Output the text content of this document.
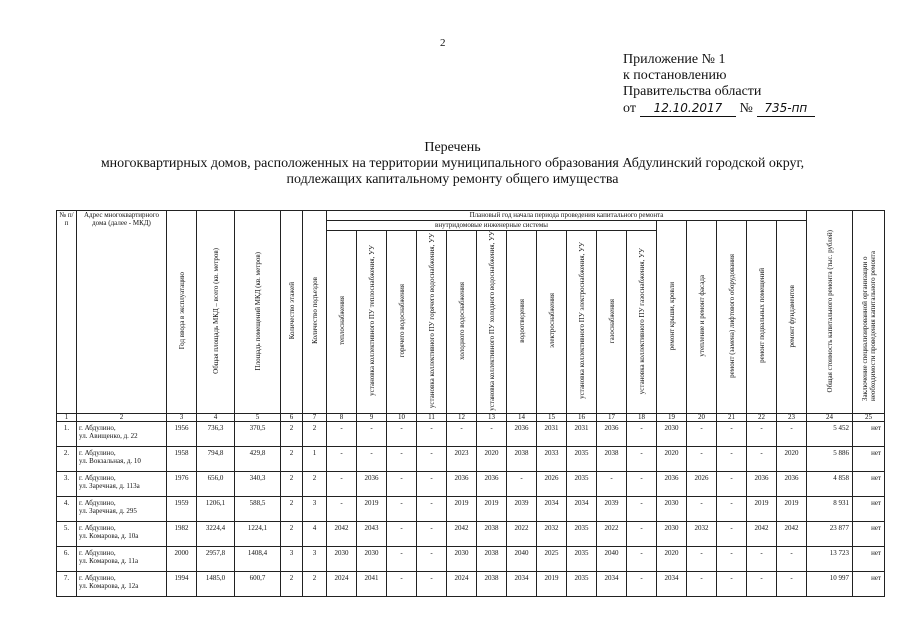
2
Приложение № 1
к постановлению
Правительства области
от 12.10.2017 № 735-пп
Перечень
многоквартирных домов, расположенных на территории муниципального образования Абдулинский городской округ,
подлежащих капитальному ремонту общего имущества
№ п/п	Адрес многоквартирного дома (далее - МКД)	Год ввода в эксплуатацию	Общая площадь МКД – всего (кв. метров)	Площадь помещений МКД (кв. метров)	Количество этажей	Количество подъездов	Плановый год начала периода проведения капитального ремонта																Общая стоимость капитального ремонта (тыс. рублей)	Заключение специализированной организации о необходимости проведения капитального ремонта
							внутридомовые инженерные системы											ремонт крыши, кровли	утепление и ремонт фасада	ремонт (замена) лифтового оборудования	ремонт подвальных помещений	ремонт фундаментов		
							теплоснабжения	установка коллективного ПУ теплоснабжения, УУ	горячего водоснабжения	установка коллективного ПУ горячего водоснабжения, УУ	холодного водоснабжения	установка коллективного ПУ холодного водоснабжения, УУ	водоотведения	электроснабжения	установка коллективного ПУ электроснабжения, УУ	газоснабжения	установка коллективного ПУ газоснабжения, УУ							
1	2	3	4	5	6	7	8	9	10	11	12	13	14	15	16	17	18	19	20	21	22	23	24	25
1.	г. Абдулино,
ул. Авищенко, д. 22	1956	736,3	370,5	2	2	-	-	-	-	-	-	2036	2031	2031	2036	-	2030	-	-	-	-	5 452	нет
2.	г. Абдулино,
ул. Вокзальная, д. 10	1958	794,8	429,8	2	1	-	-	-	-	2023	2020	2038	2033	2035	2038	-	2020	-	-	-	2020	5 886	нет
3.	г. Абдулино,
ул. Заречная, д. 113а	1976	656,0	340,3	2	2	-	2036	-	-	2036	2036	-	2026	2035	-	-	2036	2026	-	2036	2036	4 858	нет
4.	г. Абдулино,
ул. Заречная, д. 295	1959	1206,1	588,5	2	3	-	2019	-	-	2019	2019	2039	2034	2034	2039	-	2030	-	-	2019	2019	8 931	нет
5.	г. Абдулино,
ул. Комарова, д. 10а	1982	3224,4	1224,1	2	4	2042	2043	-	-	2042	2038	2022	2032	2035	2022	-	2030	2032	-	2042	2042	23 877	нет
6.	г. Абдулино,
ул. Комарова, д. 11а	2000	2957,8	1408,4	3	3	2030	2030	-	-	2030	2038	2040	2025	2035	2040	-	2020	-	-	-	-	13 723	нет
7.	г. Абдулино,
ул. Комарова, д. 12а	1994	1485,0	600,7	2	2	2024	2041	-	-	2024	2038	2034	2019	2035	2034	-	2034	-	-	-	-	10 997	нет
